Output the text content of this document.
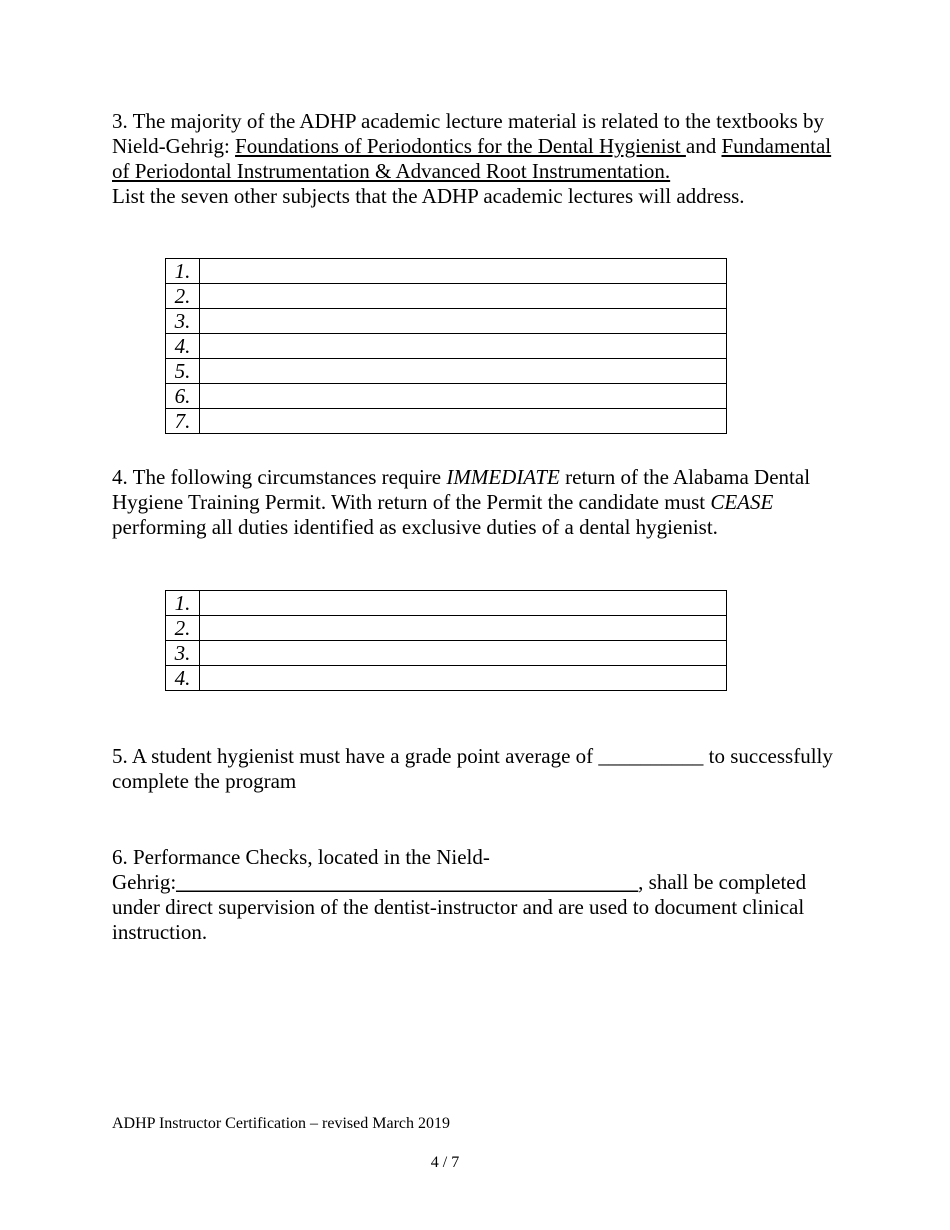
3. The majority of the ADHP academic lecture material is related to the textbooks by Nield-Gehrig: Foundations of Periodontics for the Dental Hygienist and Fundamental of Periodontal Instrumentation & Advanced Root Instrumentation.
List the seven other subjects that the ADHP academic lectures will address.

1.	
2.	
3.	
4.	
5.	
6.	
7.	

4. The following circumstances require IMMEDIATE return of the Alabama Dental Hygiene Training Permit. With return of the Permit the candidate must CEASE performing all duties identified as exclusive duties of a dental hygienist.

1.	
2.	
3.	
4.	

5. A student hygienist must have a grade point average of __________ to successfully complete the program

6. Performance Checks, located in the Nield-
Gehrig:____________________________________________, shall be completed under direct supervision of the dentist-instructor and are used to document clinical instruction.

ADHP Instructor Certification – revised March 2019
4 / 7
